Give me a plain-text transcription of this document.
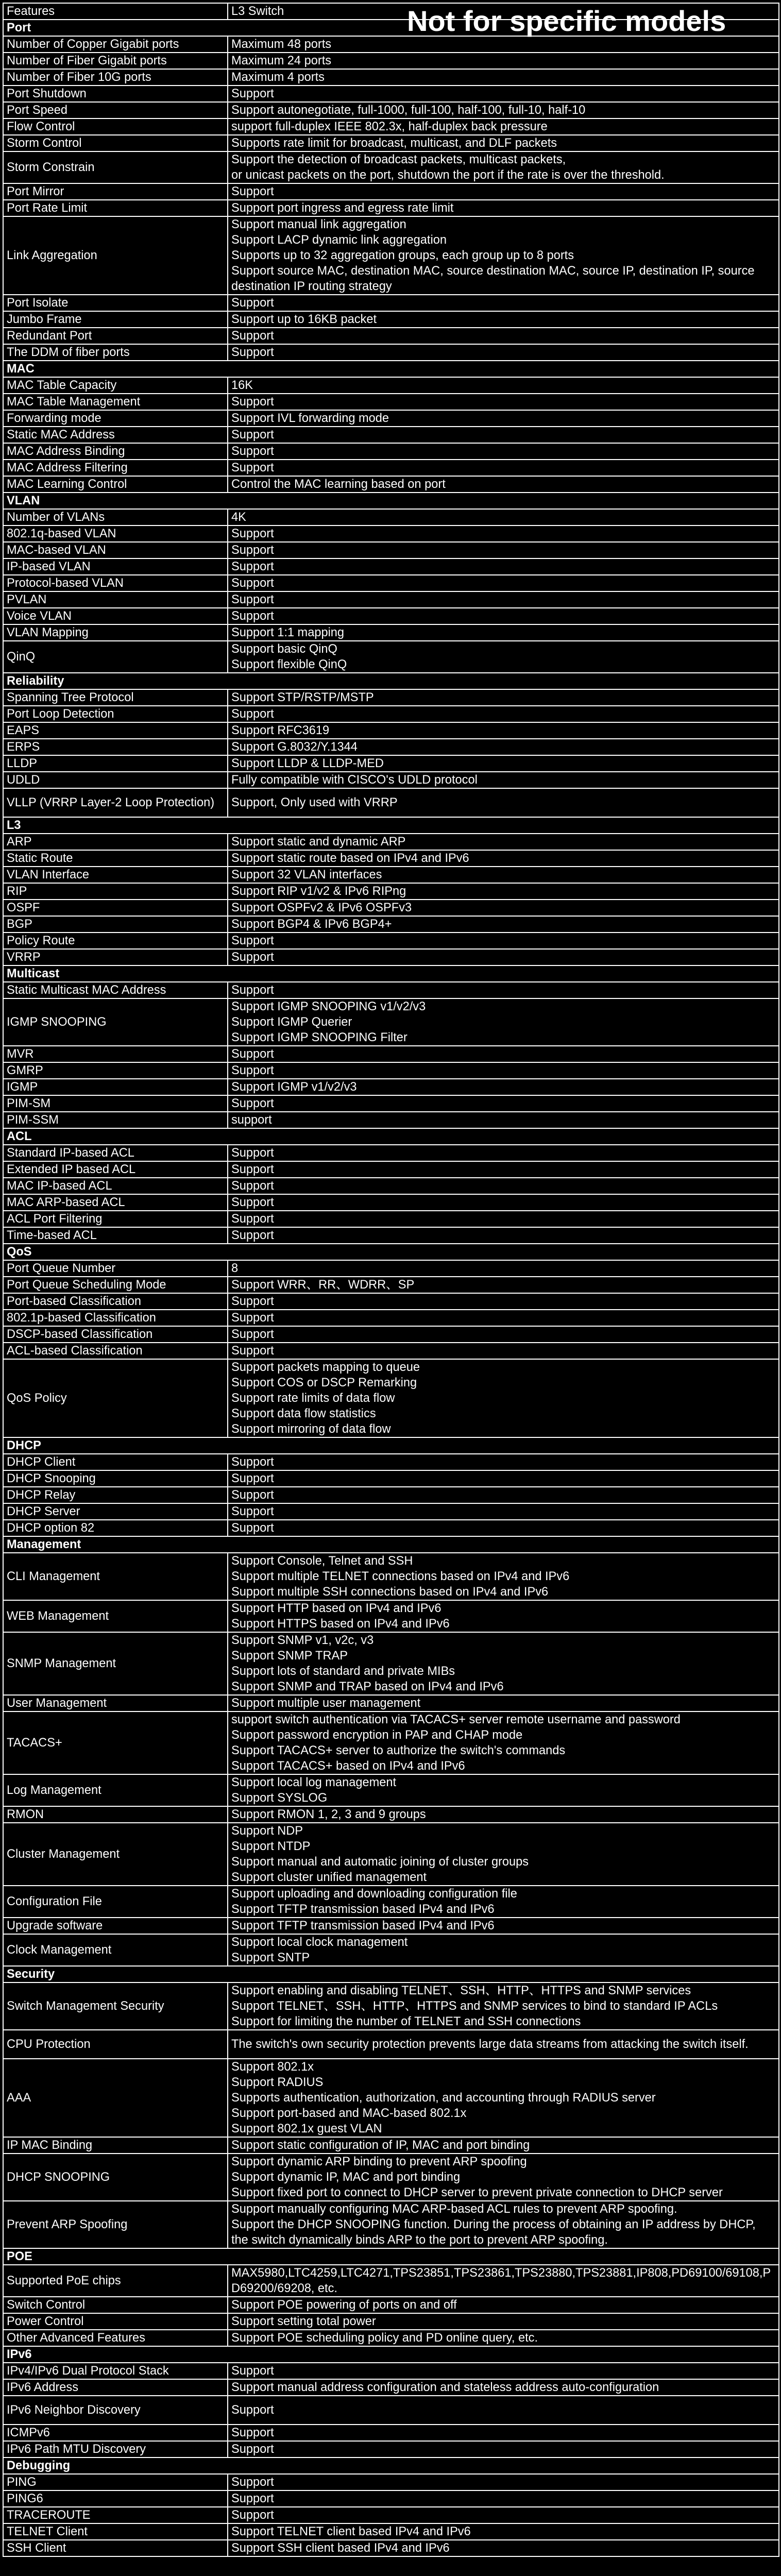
Features	L3 Switch
Port	
Number of Copper Gigabit ports	Maximum 48 ports
Number of Fiber Gigabit ports	Maximum 24 ports
Number of Fiber 10G ports	Maximum 4 ports
Port Shutdown	Support
Port Speed	Support autonegotiate, full-1000, full-100, half-100, full-10, half-10
Flow Control	support full-duplex IEEE 802.3x, half-duplex back pressure
Storm Control	Supports rate limit for broadcast, multicast, and DLF packets
Storm Constrain	Support the detection of broadcast packets, multicast packets,
or unicast packets on the port, shutdown the port if the rate is over the threshold.
Port Mirror	Support
Port Rate Limit	Support port ingress and egress rate limit
Link Aggregation	Support manual link aggregation
Support LACP dynamic link aggregation
Supports up to 32 aggregation groups, each group up to 8 ports
Support source MAC, destination MAC, source destination MAC, source IP, destination IP, source destination IP routing strategy
Port Isolate	Support
Jumbo Frame	Support up to 16KB packet
Redundant Port	Support
The DDM of fiber ports	Support
MAC	
MAC Table Capacity	16K
MAC Table Management	Support
Forwarding mode	Support IVL forwarding mode
Static MAC Address	Support
MAC Address Binding	Support
MAC Address Filtering	Support
MAC Learning Control	Control the MAC learning based on port
VLAN	
Number of VLANs	4K
802.1q-based VLAN	Support
MAC-based VLAN	Support
IP-based VLAN	Support
Protocol-based VLAN	Support
PVLAN	Support
Voice VLAN	Support
VLAN Mapping	Support 1:1 mapping
QinQ	Support basic QinQ
Support flexible QinQ
Reliability	
Spanning Tree Protocol	Support STP/RSTP/MSTP
Port Loop Detection	Support
EAPS	Support RFC3619
ERPS	Support G.8032/Y.1344
LLDP	Support LLDP & LLDP-MED
UDLD	Fully compatible with CISCO's UDLD protocol
VLLP (VRRP Layer-2 Loop Protection)	Support, Only used with VRRP
L3	
ARP	Support static and dynamic ARP
Static Route	Support static route based on IPv4 and IPv6
VLAN Interface	Support 32 VLAN interfaces
RIP	Support RIP v1/v2 & IPv6 RIPng
OSPF	Support OSPFv2 & IPv6 OSPFv3
BGP	Support BGP4 & IPv6 BGP4+
Policy Route	Support
VRRP	Support
Multicast	
Static Multicast MAC Address	Support
IGMP SNOOPING	Support IGMP SNOOPING v1/v2/v3
Support IGMP Querier
Support IGMP SNOOPING Filter
MVR	Support
GMRP	Support
IGMP	Support IGMP v1/v2/v3
PIM-SM	Support
PIM-SSM	support
ACL	
Standard IP-based ACL	Support
Extended IP based ACL	Support
MAC IP-based ACL	Support
MAC ARP-based ACL	Support
ACL Port Filtering	Support
Time-based ACL	Support
QoS	
Port Queue Number	8
Port Queue Scheduling Mode	Support WRR、RR、WDRR、SP
Port-based Classification	Support
802.1p-based Classification	Support
DSCP-based Classification	Support
ACL-based Classification	Support
QoS Policy	Support packets mapping to queue
Support COS or DSCP Remarking
Support rate limits of data flow
Support data flow statistics
Support mirroring of data flow
DHCP	
DHCP Client	Support
DHCP Snooping	Support
DHCP Relay	Support
DHCP Server	Support
DHCP option 82	Support
Management	
CLI Management	Support Console, Telnet and SSH
Support multiple TELNET connections based on IPv4 and IPv6
Support multiple SSH connections based on IPv4 and IPv6
WEB Management	Support HTTP based on IPv4 and IPv6
Support HTTPS based on IPv4 and IPv6
SNMP Management	Support SNMP v1, v2c, v3
Support SNMP TRAP
Support lots of standard and private MIBs
Support SNMP and TRAP based on IPv4 and IPv6
User Management	Support multiple user management
TACACS+	support switch authentication via TACACS+ server remote username and password
Support password encryption in PAP and CHAP mode
Support TACACS+ server to authorize the switch's commands
Support TACACS+ based on IPv4 and IPv6
Log Management	Support local log management
Support SYSLOG
RMON	Support RMON 1, 2, 3 and 9 groups
Cluster Management	Support NDP
Support NTDP
Support manual and automatic joining of cluster groups
Support cluster unified management
Configuration File	Support uploading and downloading configuration file
Support TFTP transmission based IPv4 and IPv6
Upgrade software	Support TFTP transmission based IPv4 and IPv6
Clock Management	Support local clock management
Support SNTP
Security	
Switch Management Security	Support enabling and disabling TELNET、SSH、HTTP、HTTPS and SNMP services
Support TELNET、SSH、HTTP、HTTPS and SNMP services to bind to standard IP ACLs
Support for limiting the number of TELNET and SSH connections
CPU Protection	The switch's own security protection prevents large data streams from attacking the switch itself.
AAA	Support 802.1x
Support RADIUS
Supports authentication, authorization, and accounting through RADIUS server
Support port-based and MAC-based 802.1x
Support 802.1x guest VLAN
IP MAC Binding	Support static configuration of IP, MAC and port binding
DHCP SNOOPING	Support dynamic ARP binding to prevent ARP spoofing
Support dynamic IP, MAC and port binding
Support fixed port to connect to DHCP server to prevent private connection to DHCP server
Prevent ARP Spoofing	Support manually configuring MAC ARP-based ACL rules to prevent ARP spoofing.
Support the DHCP SNOOPING function. During the process of obtaining an IP address by DHCP, the switch dynamically binds ARP to the port to prevent ARP spoofing.
POE	
Supported PoE chips	MAX5980,LTC4259,LTC4271,TPS23851,TPS23861,TPS23880,TPS23881,IP808,PD69100/69108,PD69200/69208, etc.
Switch Control	Support POE powering of ports on and off
Power Control	Support setting total power
Other Advanced Features	Support POE scheduling policy and PD online query, etc.
IPv6	
IPv4/IPv6 Dual Protocol Stack	Support
IPv6 Address	Support manual address configuration and stateless address auto-configuration
IPv6 Neighbor Discovery	Support
ICMPv6	Support
IPv6 Path MTU Discovery	Support
Debugging	
PING	Support
PING6	Support
TRACEROUTE	Support
TELNET Client	Support TELNET client based IPv4 and IPv6
SSH Client	Support SSH client based IPv4 and IPv6
Not for specific models
